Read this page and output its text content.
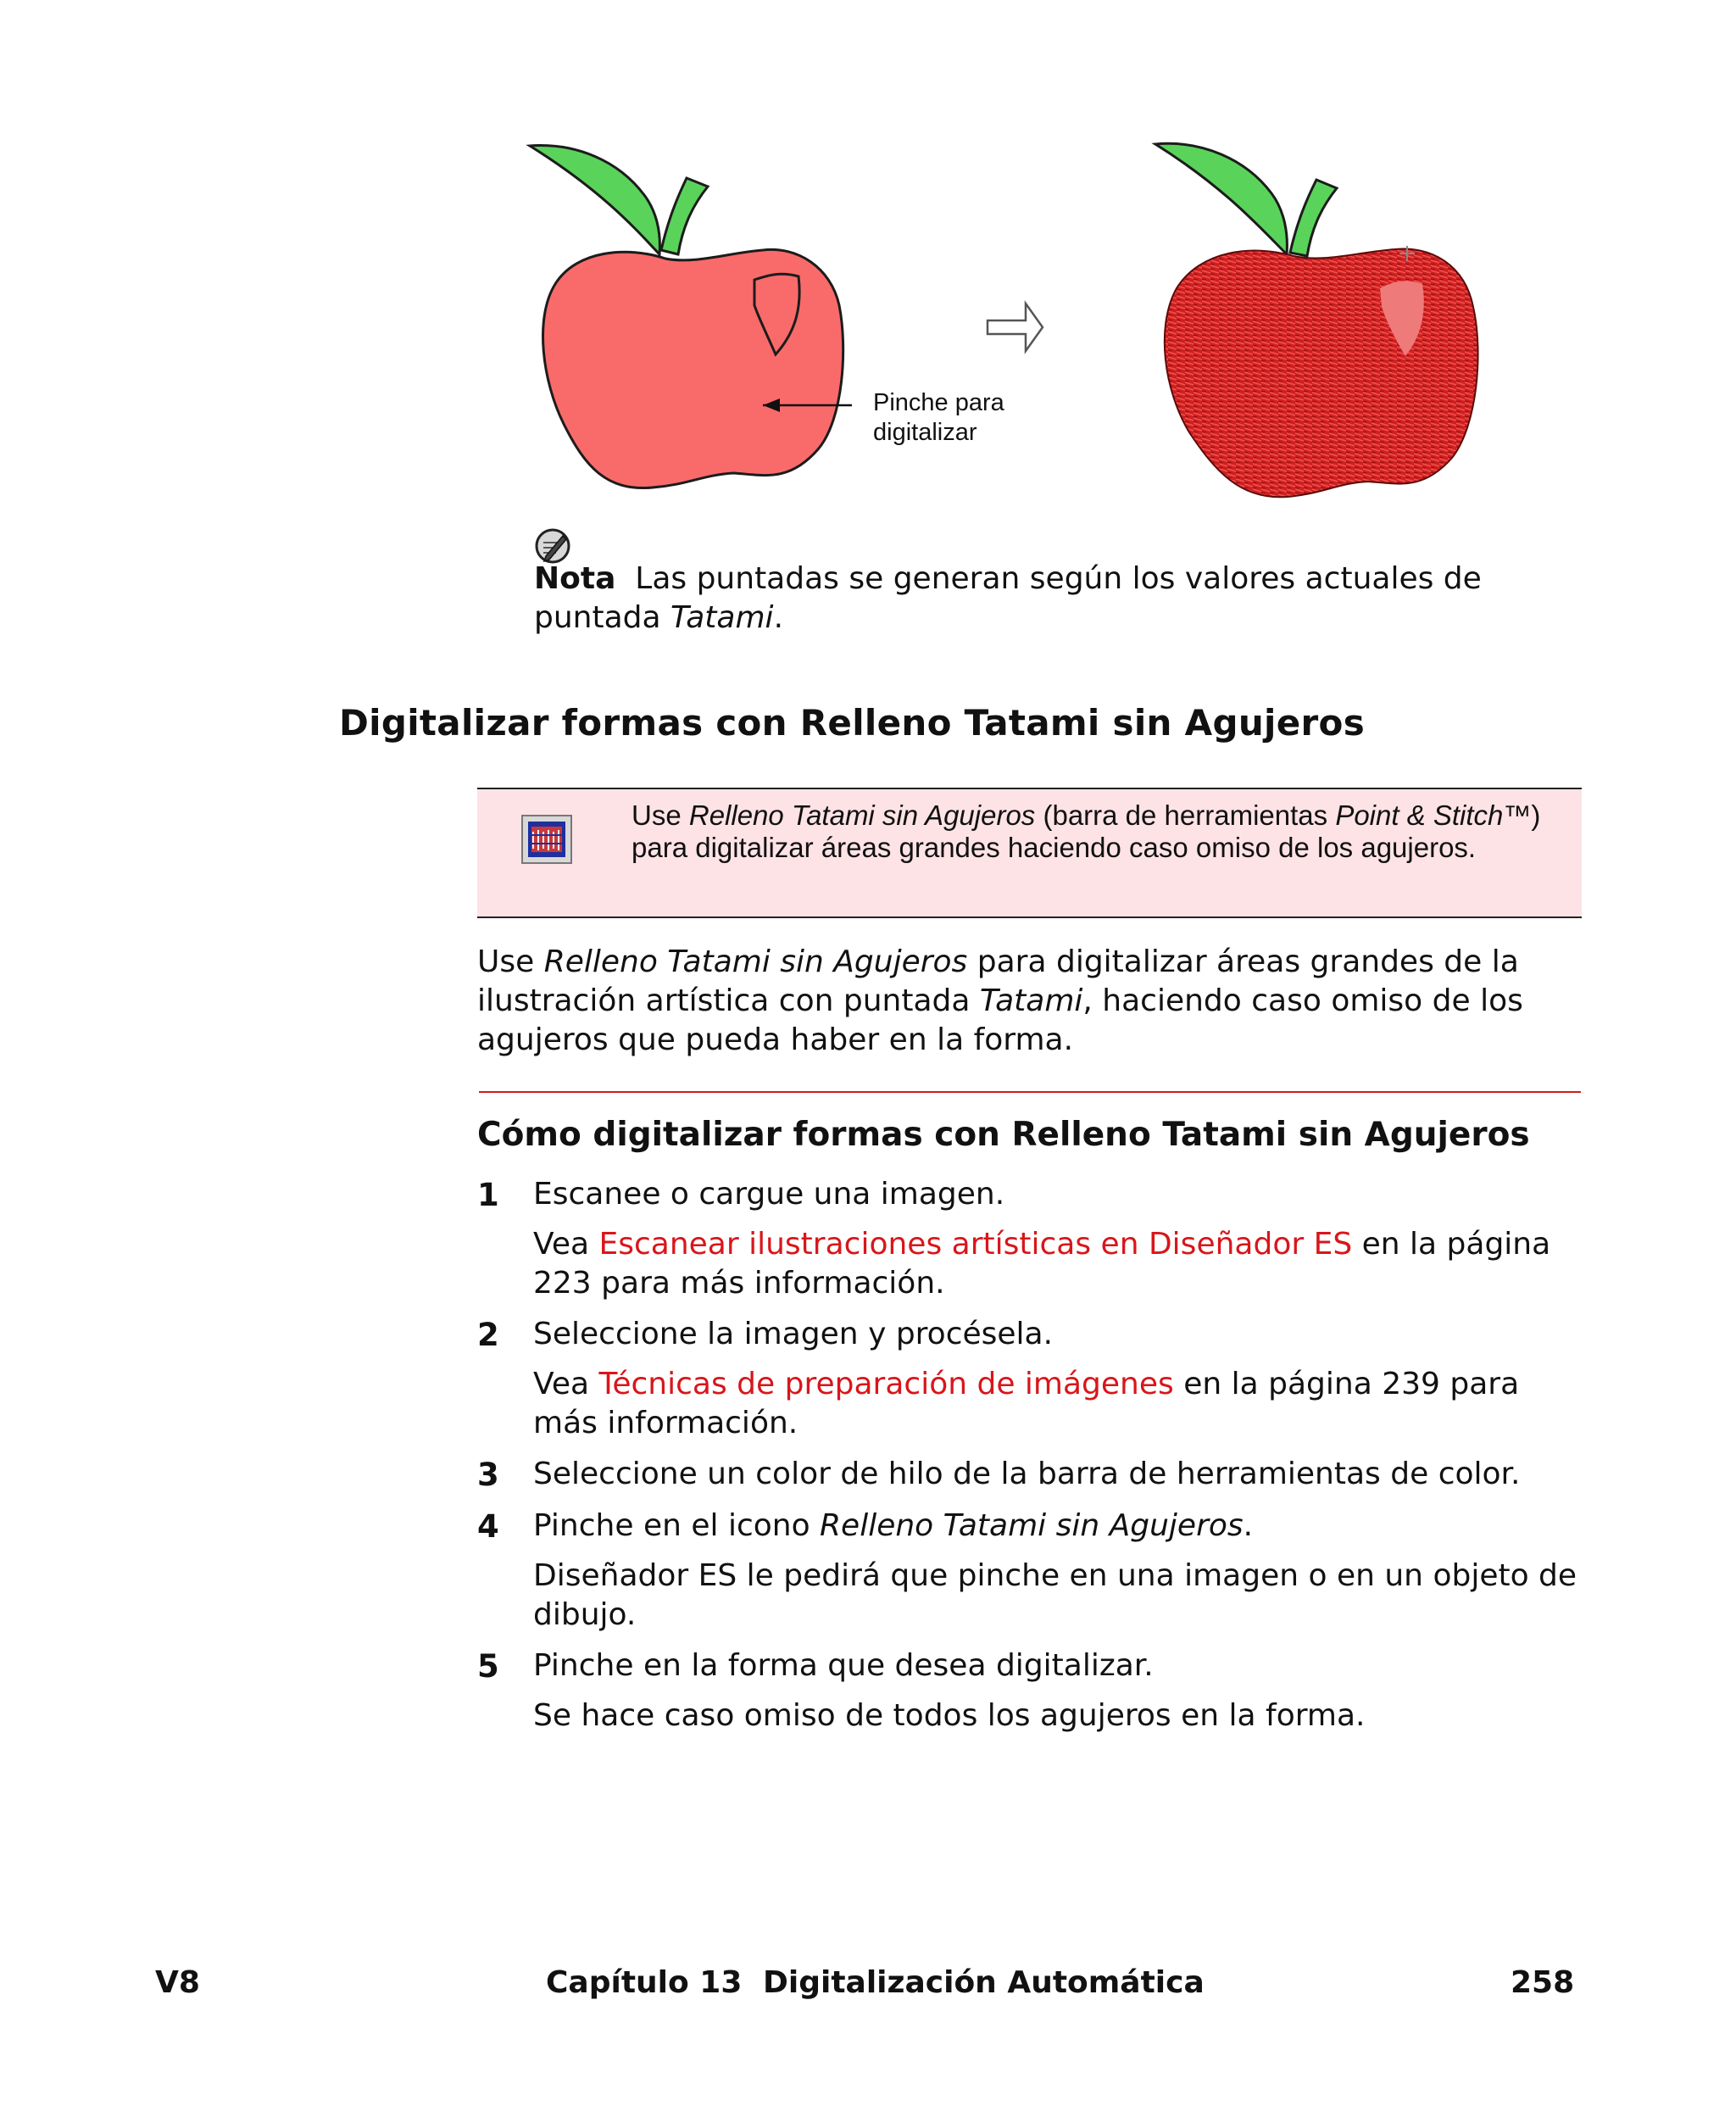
Pinche para
digitalizar
Nota Las puntadas se generan según los valores actuales de puntada Tatami.
Digitalizar formas con Relleno Tatami sin Agujeros
Use Relleno Tatami sin Agujeros (barra de herramientas Point & Stitch™) para digitalizar áreas grandes haciendo caso omiso de los agujeros.
Use Relleno Tatami sin Agujeros para digitalizar áreas grandes de la ilustración artística con puntada Tatami, haciendo caso omiso de los agujeros que pueda haber en la forma.
Cómo digitalizar formas con Relleno Tatami sin Agujeros
1 Escanee o cargue una imagen.
Vea Escanear ilustraciones artísticas en Diseñador ES en la página 223 para más información.
2 Seleccione la imagen y procésela.
Vea Técnicas de preparación de imágenes en la página 239 para más información.
3 Seleccione un color de hilo de la barra de herramientas de color.
4 Pinche en el icono Relleno Tatami sin Agujeros.
Diseñador ES le pedirá que pinche en una imagen o en un objeto de dibujo.
5 Pinche en la forma que desea digitalizar.
Se hace caso omiso de todos los agujeros en la forma.
V8	Capítulo 13 Digitalización Automática	258
